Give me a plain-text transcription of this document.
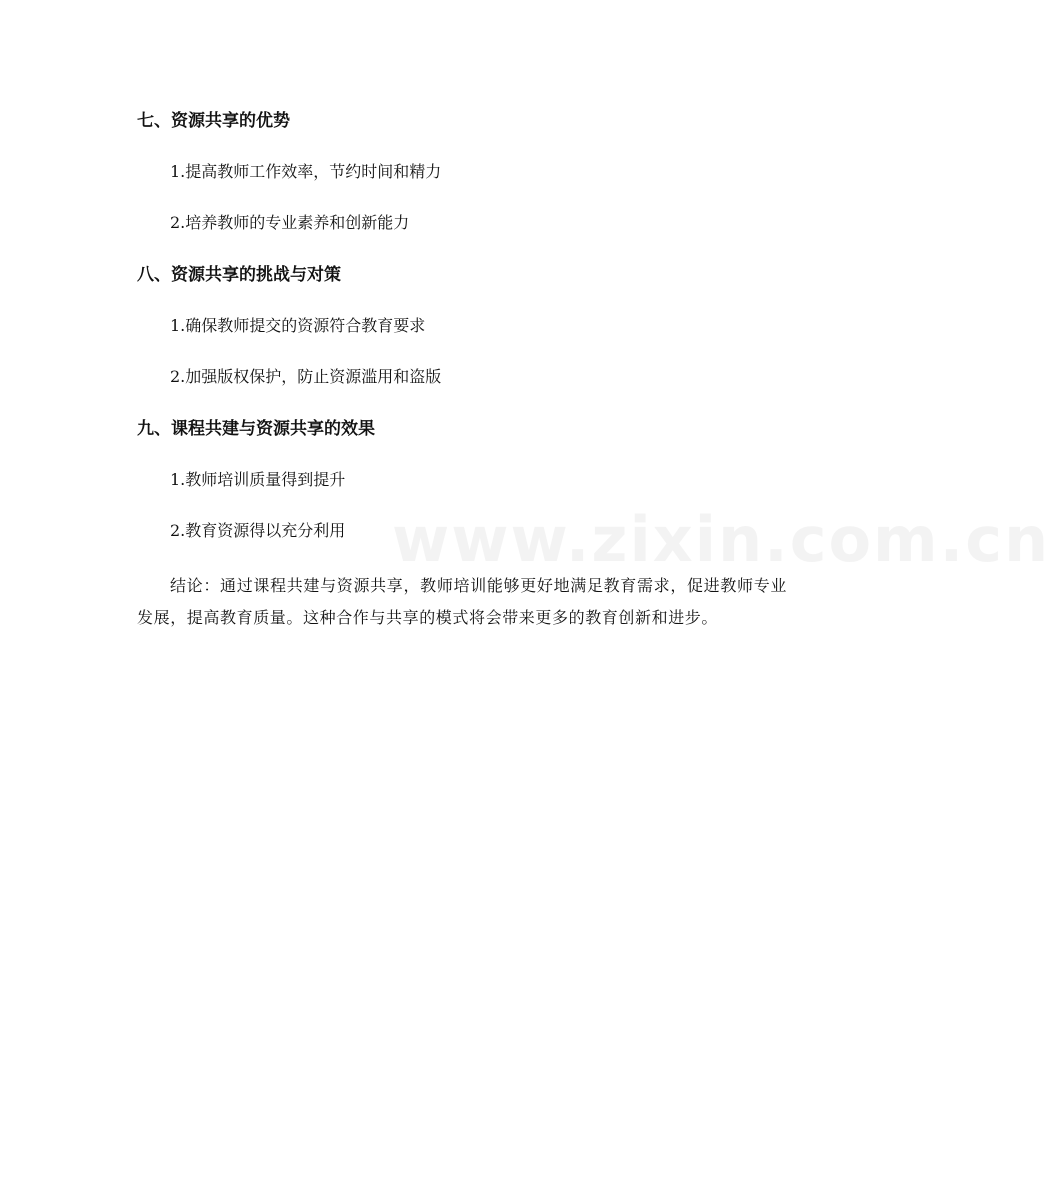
七、资源共享的优势
1.提高教师工作效率，节约时间和精力
2.培养教师的专业素养和创新能力
八、资源共享的挑战与对策
1.确保教师提交的资源符合教育要求
2.加强版权保护，防止资源滥用和盗版
九、课程共建与资源共享的效果
1.教师培训质量得到提升
2.教育资源得以充分利用

结论：通过课程共建与资源共享，教师培训能够更好地满足教育需求，促进教师专业发展，提高教育质量。这种合作与共享的模式将会带来更多的教育创新和进步。

www.zixin.com.cn
